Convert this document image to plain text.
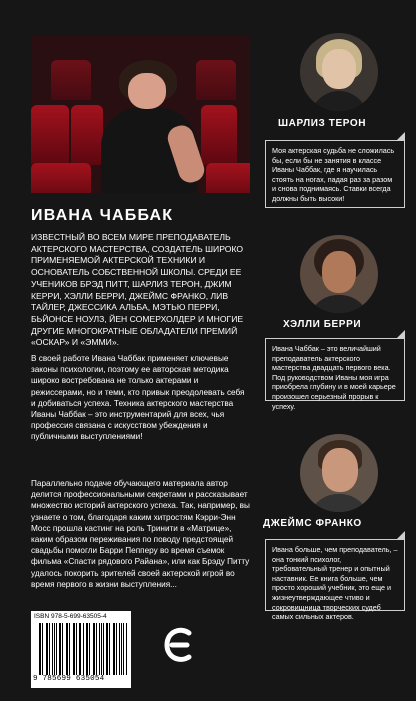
ИВАНА ЧАББАК
ИЗВЕСТНЫЙ ВО ВСЕМ МИРЕ ПРЕПОДАВАТЕЛЬ АКТЕРСКОГО МАСТЕРСТВА, СОЗДАТЕЛЬ ШИРОКО ПРИМЕНЯЕМОЙ АКТЕРСКОЙ ТЕХНИКИ И ОСНОВАТЕЛЬ СОБСТВЕННОЙ ШКОЛЫ. СРЕДИ ЕЕ УЧЕНИКОВ БРЭД ПИТТ, ШАРЛИЗ ТЕРОН, ДЖИМ КЕРРИ, ХЭЛЛИ БЕРРИ, ДЖЕЙМС ФРАНКО, ЛИВ ТАЙЛЕР, ДЖЕССИКА АЛЬБА, МЭТЬЮ ПЕРРИ, БЬЙОНСЕ НОУЛЗ, ЙЕН СОМЕРХОЛДЕР И МНОГИЕ ДРУГИЕ МНОГОКРАТНЫЕ ОБЛАДАТЕЛИ ПРЕМИЙ «ОСКАР» И «ЭММИ».
В своей работе Ивана Чаббак применяет ключевые законы психологии, поэтому ее авторская методика широко востребована не только актерами и режиссерами, но и теми, кто привык преодолевать себя и добиваться успеха. Техника актерского мастерства Иваны Чаббак – это инструментарий для всех, чья профессия связана с искусством убеждения и публичными выступлениями!
Параллельно подаче обучающего материала автор делится профессиональными секретами и рассказывает множество историй актерского успеха. Так, например, вы узнаете о том, благодаря каким хитростям Кэрри-Энн Мосс прошла кастинг на роль Тринити в «Матрице», каким образом переживания по поводу предстоящей свадьбы помогли Барри Пепперу во время съемок фильма «Спасти рядового Райана», или как Брэду Питту удалось покорить зрителей своей актерской игрой во время первого в жизни выступления...
ISBN 978-5-699-63505-4
9 785699 635054
ШАРЛИЗ ТЕРОН
Моя актерская судьба не сложилась бы, если бы не занятия в классе Иваны Чаббак, где я научилась стоять на ногах, падая раз за разом и снова поднимаясь. Ставки всегда должны быть высоки!
ХЭЛЛИ БЕРРИ
Ивана Чаббак – это величайший преподаватель актерского мастерства двадцать первого века. Под руководством Иваны моя игра приобрела глубину и в моей карьере произошел серьезный прорыв к успеху.
ДЖЕЙМС ФРАНКО
Ивана больше, чем преподаватель, – она тонкий психолог, требовательный тренер и опытный наставник. Ее книга больше, чем просто хороший учебник, это еще и жизнеутверждающее чтиво и сокровищница творческих судеб самых сильных актеров.
